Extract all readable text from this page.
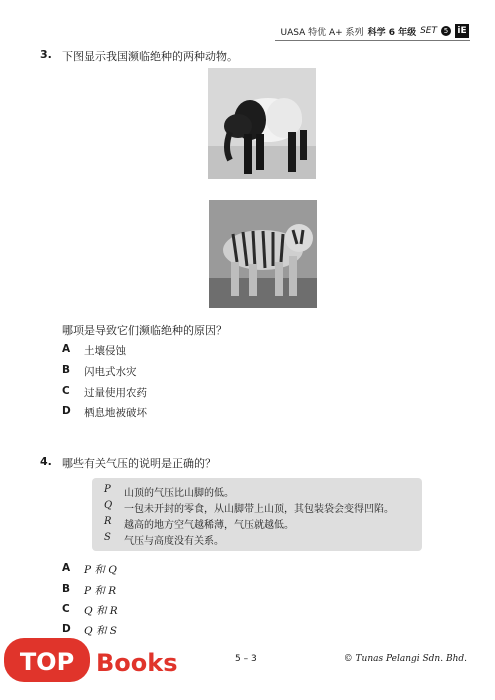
UASA 特优 A+ 系列 科学 6 年级 SET 5	iE
3. 下图显示我国濒临绝种的两种动物。
哪项是导致它们濒临绝种的原因？
A	土壤侵蚀
B	闪电式水灾
C	过量使用农药
D	栖息地被破坏
4. 哪些有关气压的说明是正确的？
P	山顶的气压比山脚的低。
Q 一包未开封的零食，从山脚带上山顶，其包装袋会变得凹陷。
R 越高的地方空气越稀薄，气压就越低。
S	气压与高度没有关系。
A	P 和 Q
B	P 和 R
C	Q 和 R
D	Q 和 S
5 – 3	© Tunas Pelangi Sdn. Bhd.
TOP Books
